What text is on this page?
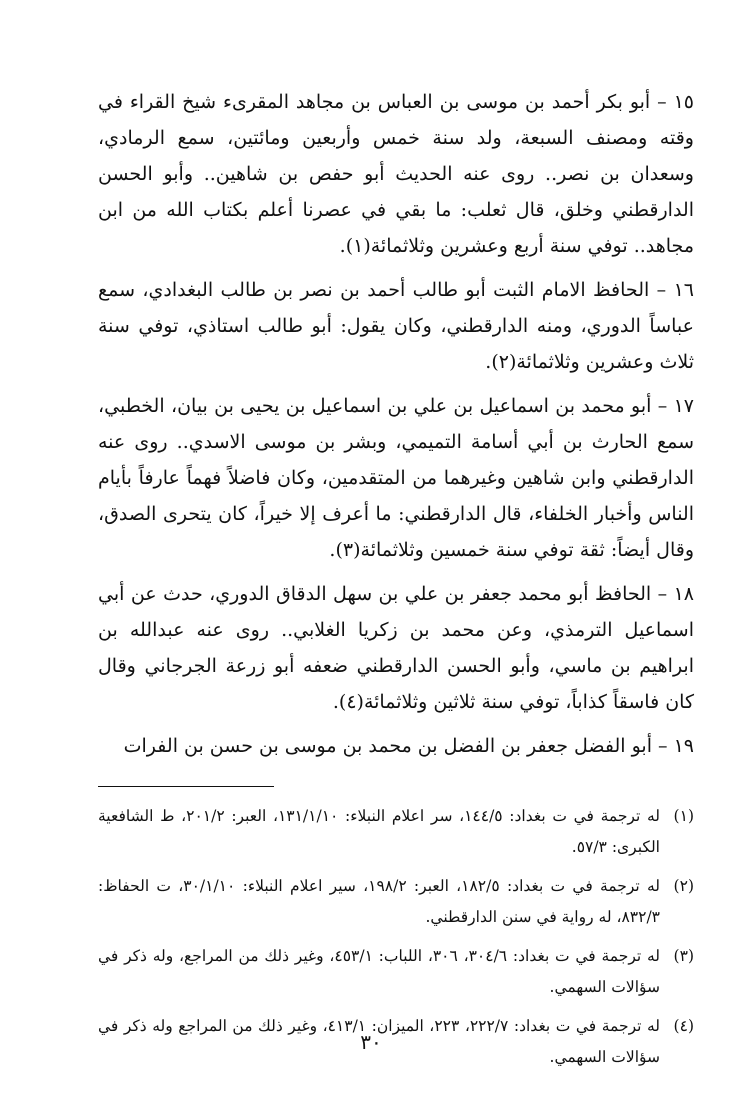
١٥ – أبو بكر أحمد بن موسى بن العباس بن مجاهد المقرىء شيخ القراء في وقته ومصنف السبعة، ولد سنة خمس وأربعين ومائتين، سمع الرمادي، وسعدان بن نصر.. روى عنه الحديث أبو حفص بن شاهين.. وأبو الحسن الدارقطني وخلق، قال ثعلب: ما بقي في عصرنا أعلم بكتاب الله من ابن مجاهد.. توفي سنة أربع وعشرين وثلاثمائة(١).

١٦ – الحافظ الامام الثبت أبو طالب أحمد بن نصر بن طالب البغدادي، سمع عباساً الدوري، ومنه الدارقطني، وكان يقول: أبو طالب استاذي، توفي سنة ثلاث وعشرين وثلاثمائة(٢).

١٧ – أبو محمد بن اسماعيل بن علي بن اسماعيل بن يحيى بن بيان، الخطبي، سمع الحارث بن أبي أسامة التميمي، وبشر بن موسى الاسدي.. روى عنه الدارقطني وابن شاهين وغيرهما من المتقدمين، وكان فاضلاً فهماً عارفاً بأيام الناس وأخبار الخلفاء، قال الدارقطني: ما أعرف إلا خيراً، كان يتحرى الصدق، وقال أيضاً: ثقة توفي سنة خمسين وثلاثمائة(٣).

١٨ – الحافظ أبو محمد جعفر بن علي بن سهل الدقاق الدوري، حدث عن أبي اسماعيل الترمذي، وعن محمد بن زكريا الغلابي.. روى عنه عبدالله بن ابراهيم بن ماسي، وأبو الحسن الدارقطني ضعفه أبو زرعة الجرجاني وقال كان فاسقاً كذاباً، توفي سنة ثلاثين وثلاثمائة(٤).

١٩ – أبو الفضل جعفر بن الفضل بن محمد بن موسى بن حسن بن الفرات

(١)
له ترجمة في ت بغداد: ١٤٤/٥، سر اعلام النبلاء: ١٣١/١/١٠، العبر: ٢٠١/٢، ط الشافعية الكبرى: ٥٧/٣.
(٢)
له ترجمة في ت بغداد: ١٨٢/٥، العبر: ١٩٨/٢، سير اعلام النبلاء: ٣٠/١/١٠، ت الحفاظ: ٨٣٢/٣، له رواية في سنن الدارقطني.
(٣)
له ترجمة في ت بغداد: ٣٠٤/٦، ٣٠٦، اللباب: ٤٥٣/١، وغير ذلك من المراجع، وله ذكر في سؤالات السهمي.
(٤)
له ترجمة في ت بغداد: ٢٢٢/٧، ٢٢٣، الميزان: ٤١٣/١، وغير ذلك من المراجع وله ذكر في سؤالات السهمي.
٣٠
